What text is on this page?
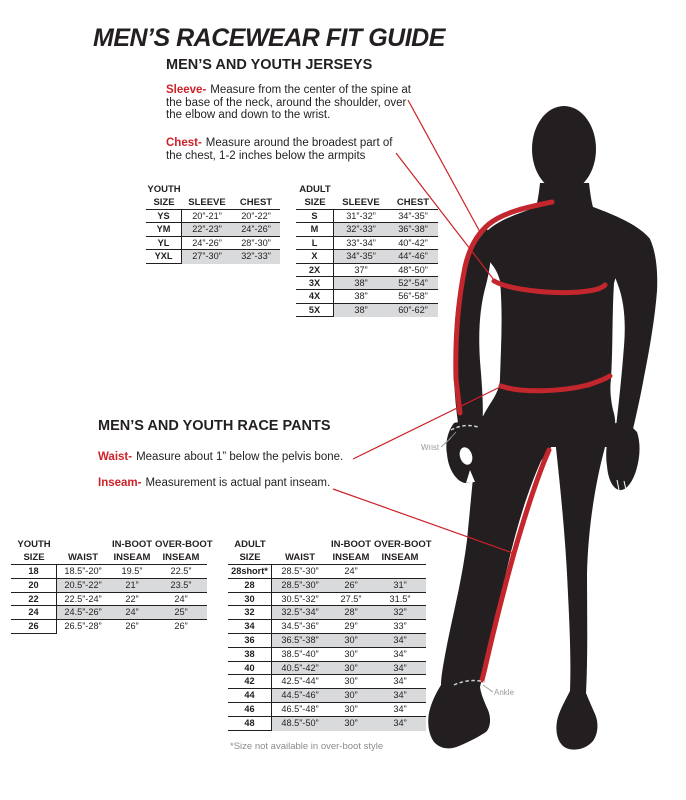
Wrist
Ankle
MEN’S RACEWEAR FIT GUIDE
MEN’S AND YOUTH JERSEYS
Sleeve- Measure from the center of the spine at the base of the neck, around the shoulder, over the elbow and down to the wrist.
Chest- Measure around the broadest part of the chest, 1-2 inches below the armpits
YOUTH
SIZE	SLEEVE	CHEST
YS	20”-21”	20”-22”
YM	22”-23”	24”-26”
YL	24”-26”	28”-30”
YXL	27”-30”	32”-33”
ADULT
SIZE	SLEEVE	CHEST
S	31”-32”	34”-35”
M	32”-33”	36”-38”
L	33”-34”	40”-42”
X	34”-35”	44”-46”
2X	37”	48”-50”
3X	38”	52”-54”
4X	38”	56”-58”
5X	38”	60”-62”
MEN’S AND YOUTH RACE PANTS
Waist- Measure about 1” below the pelvis bone.
Inseam- Measurement is actual pant inseam.
YOUTH	IN-BOOT OVER-BOOT
SIZE	WAIST	INSEAM	INSEAM
18	18.5”-20”	19.5”	22.5”
20	20.5”-22”	21”	23.5”
22	22.5”-24”	22”	24”
24	24.5”-26”	24”	25”
26	26.5”-28”	26”	26”
ADULT	IN-BOOT OVER-BOOT
SIZE	WAIST	INSEAM	INSEAM
28short*	28.5”-30”	24”
28	28.5”-30”	26”	31”
30	30.5”-32”	27.5”	31.5”
32	32.5”-34”	28”	32”
34	34.5”-36”	29”	33”
36	36.5”-38”	30”	34”
38	38.5”-40”	30”	34”
40	40.5”-42”	30”	34”
42	42.5”-44”	30”	34”
44	44.5”-46”	30”	34”
46	46.5”-48”	30”	34”
48	48.5”-50”	30”	34”
*Size not available in over-boot style
